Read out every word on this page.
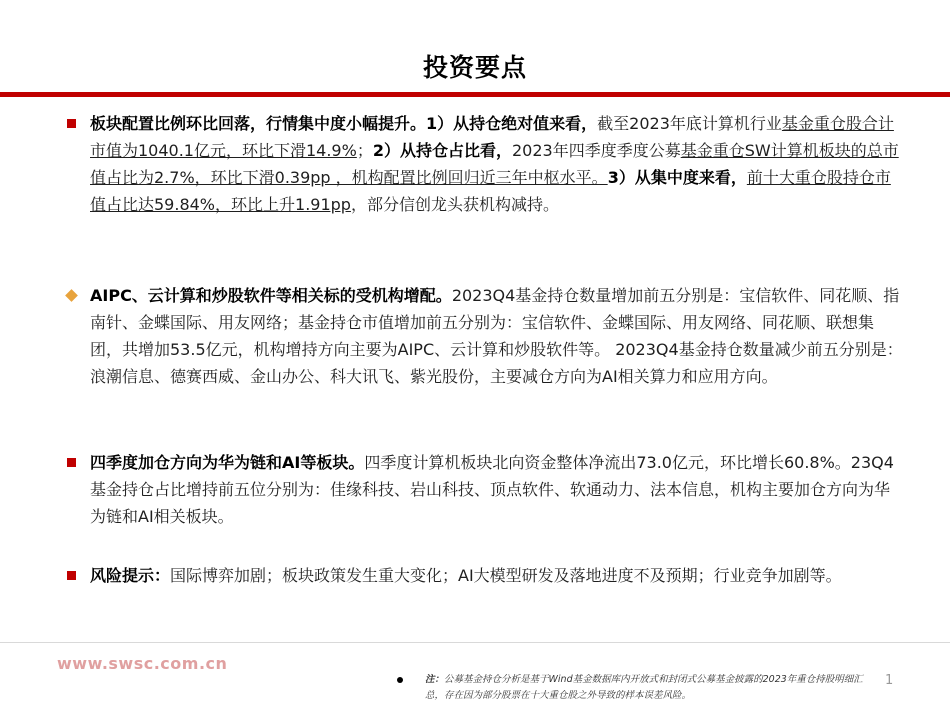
投资要点
板块配置比例环比回落，行情集中度小幅提升。1）从持仓绝对值来看，截至2023年底计算机行业基金重仓股合计市值为1040.1亿元，环比下滑14.9%；2）从持仓占比看，2023年四季度季度公募基金重仓SW计算机板块的总市值占比为2.7%，环比下滑0.39pp ，机构配置比例回归近三年中枢水平。3）从集中度来看，前十大重仓股持仓市值占比达59.84%，环比上升1.91pp，部分信创龙头获机构减持。
AIPC、云计算和炒股软件等相关标的受机构增配。2023Q4基金持仓数量增加前五分别是：宝信软件、同花顺、指南针、金蝶国际、用友网络；基金持仓市值增加前五分别为：宝信软件、金蝶国际、用友网络、同花顺、联想集团，共增加53.5亿元，机构增持方向主要为AIPC、云计算和炒股软件等。 2023Q4基金持仓数量减少前五分别是：浪潮信息、德赛西威、金山办公、科大讯飞、紫光股份，主要减仓方向为AI相关算力和应用方向。
四季度加仓方向为华为链和AI等板块。四季度计算机板块北向资金整体净流出73.0亿元，环比增长60.8%。23Q4基金持仓占比增持前五位分别为：佳缘科技、岩山科技、顶点软件、软通动力、法本信息，机构主要加仓方向为华为链和AI相关板块。
风险提示：国际博弈加剧；板块政策发生重大变化；AI大模型研发及落地进度不及预期；行业竞争加剧等。
www.swsc.com.cn
注：公募基金持仓分析是基于Wind基金数据库内开放式和封闭式公募基金披露的2023年重仓持股明细汇总，存在因为部分股票在十大重仓股之外导致的样本误差风险。
1
